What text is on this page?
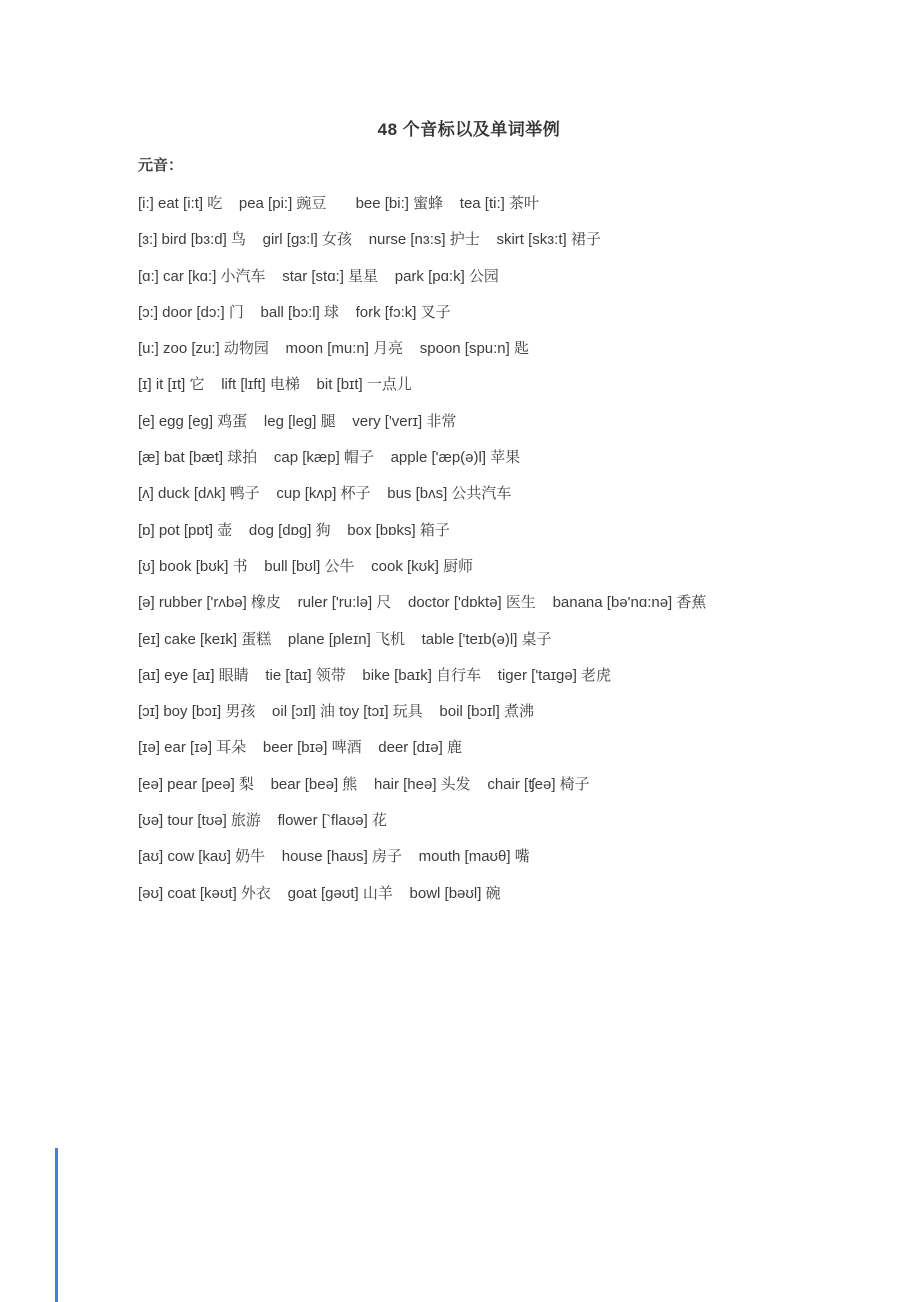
48 个音标以及单词举例
元音：
[i:] eat [i:t] 吃    pea [pi:] 豌豆       bee [bi:] 蜜蜂    tea [ti:] 茶叶
[ɜ:] bird [bɜ:d] 鸟    girl [gɜ:l] 女孩    nurse [nɜ:s] 护士    skirt [skɜ:t] 裙子
[ɑ:] car [kɑ:] 小汽车    star [stɑ:] 星星    park [pɑ:k] 公园
[ɔ:] door [dɔ:] 门    ball [bɔ:l] 球    fork [fɔ:k] 叉子
[u:] zoo [zu:] 动物园    moon [mu:n] 月亮    spoon [spu:n] 匙
[ɪ] it [ɪt] 它    lift [lɪft] 电梯    bit [bɪt] 一点儿
[e] egg [eg] 鸡蛋    leg [leg] 腿    very ['verɪ] 非常
[æ] bat [bæt] 球拍    cap [kæp] 帽子    apple ['æp(ə)l] 苹果
[ʌ] duck [dʌk] 鸭子    cup [kʌp] 杯子    bus [bʌs] 公共汽车
[ɒ] pot [pɒt] 壶    dog [dɒg] 狗    box [bɒks] 箱子
[ʊ] book [bʊk] 书    bull [bʊl] 公牛    cook [kʊk] 厨师
[ə] rubber ['rʌbə] 橡皮    ruler ['ru:lə] 尺    doctor ['dɒktə] 医生    banana [bə'nɑ:nə] 香蕉
[eɪ] cake [keɪk] 蛋糕    plane [pleɪn] 飞机    table ['teɪb(ə)l] 桌子
[aɪ] eye [aɪ] 眼睛    tie [taɪ] 领带    bike [baɪk] 自行车    tiger ['taɪgə] 老虎
[ɔɪ] boy [bɔɪ] 男孩    oil [ɔɪl] 油 toy [tɔɪ] 玩具    boil [bɔɪl] 煮沸
[ɪə] ear [ɪə] 耳朵    beer [bɪə] 啤酒    deer [dɪə] 鹿
[eə] pear [peə] 梨    bear [beə] 熊    hair [heə] 头发    chair [ʧeə] 椅子
[ʊə] tour [tʊə] 旅游    flower [`flaʊə] 花
[aʊ] cow [kaʊ] 奶牛    house [haʊs] 房子    mouth [maʊθ] 嘴
[əʊ] coat [kəʊt] 外衣    goat [gəʊt] 山羊    bowl [bəʊl] 碗
